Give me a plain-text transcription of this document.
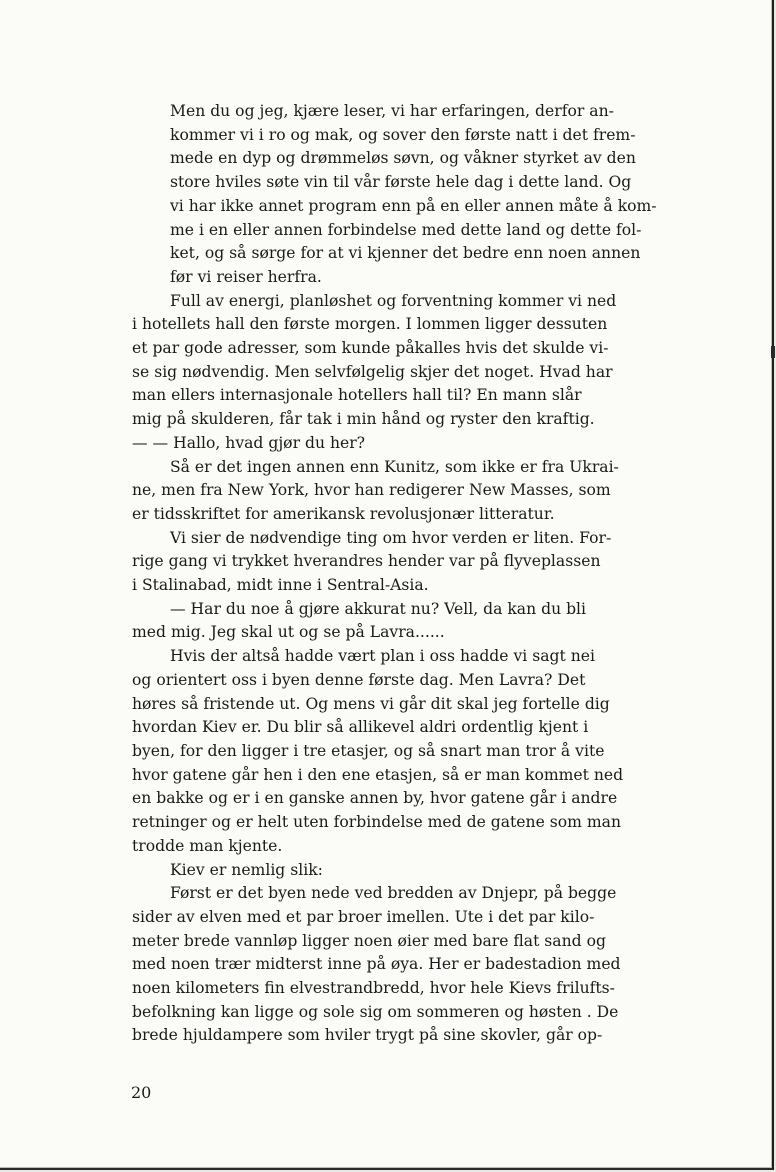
Men du og jeg, kjære leser, vi har erfaringen, derfor an-
kommer vi i ro og mak, og sover den første natt i det frem-
mede en dyp og drømmeløs søvn, og våkner styrket av den
store hviles søte vin til vår første hele dag i dette land. Og
vi har ikke annet program enn på en eller annen måte å kom-
me i en eller annen forbindelse med dette land og dette fol-
ket, og så sørge for at vi kjenner det bedre enn noen annen
før vi reiser herfra.

Full av energi, planløshet og forventning kommer vi ned
i hotellets hall den første morgen. I lommen ligger dessuten
et par gode adresser, som kunde påkalles hvis det skulde vi-
se sig nødvendig. Men selvfølgelig skjer det noget. Hvad har
man ellers internasjonale hotellers hall til? En mann slår
mig på skulderen, får tak i min hånd og ryster den kraftig.

— — Hallo, hvad gjør du her?

Så er det ingen annen enn Kunitz, som ikke er fra Ukrai-
ne, men fra New York, hvor han redigerer New Masses, som
er tidsskriftet for amerikansk revolusjonær litteratur.

Vi sier de nødvendige ting om hvor verden er liten. For-
rige gang vi trykket hverandres hender var på flyveplassen
i Stalinabad, midt inne i Sentral-Asia.

— Har du noe å gjøre akkurat nu? Vell, da kan du bli
med mig. Jeg skal ut og se på Lavra......

Hvis der altså hadde vært plan i oss hadde vi sagt nei
og orientert oss i byen denne første dag. Men Lavra? Det
høres så fristende ut. Og mens vi går dit skal jeg fortelle dig
hvordan Kiev er. Du blir så allikevel aldri ordentlig kjent i
byen, for den ligger i tre etasjer, og så snart man tror å vite
hvor gatene går hen i den ene etasjen, så er man kommet ned
en bakke og er i en ganske annen by, hvor gatene går i andre
retninger og er helt uten forbindelse med de gatene som man
trodde man kjente.

Kiev er nemlig slik:

Først er det byen nede ved bredden av Dnjepr, på begge
sider av elven med et par broer imellen. Ute i det par kilo-
meter brede vannløp ligger noen øier med bare flat sand og
med noen trær midterst inne på øya. Her er badestadion med
noen kilometers fin elvestrandbredd, hvor hele Kievs frilufts-
befolkning kan ligge og sole sig om sommeren og høsten . De
brede hjuldampere som hviler trygt på sine skovler, går op-

20
